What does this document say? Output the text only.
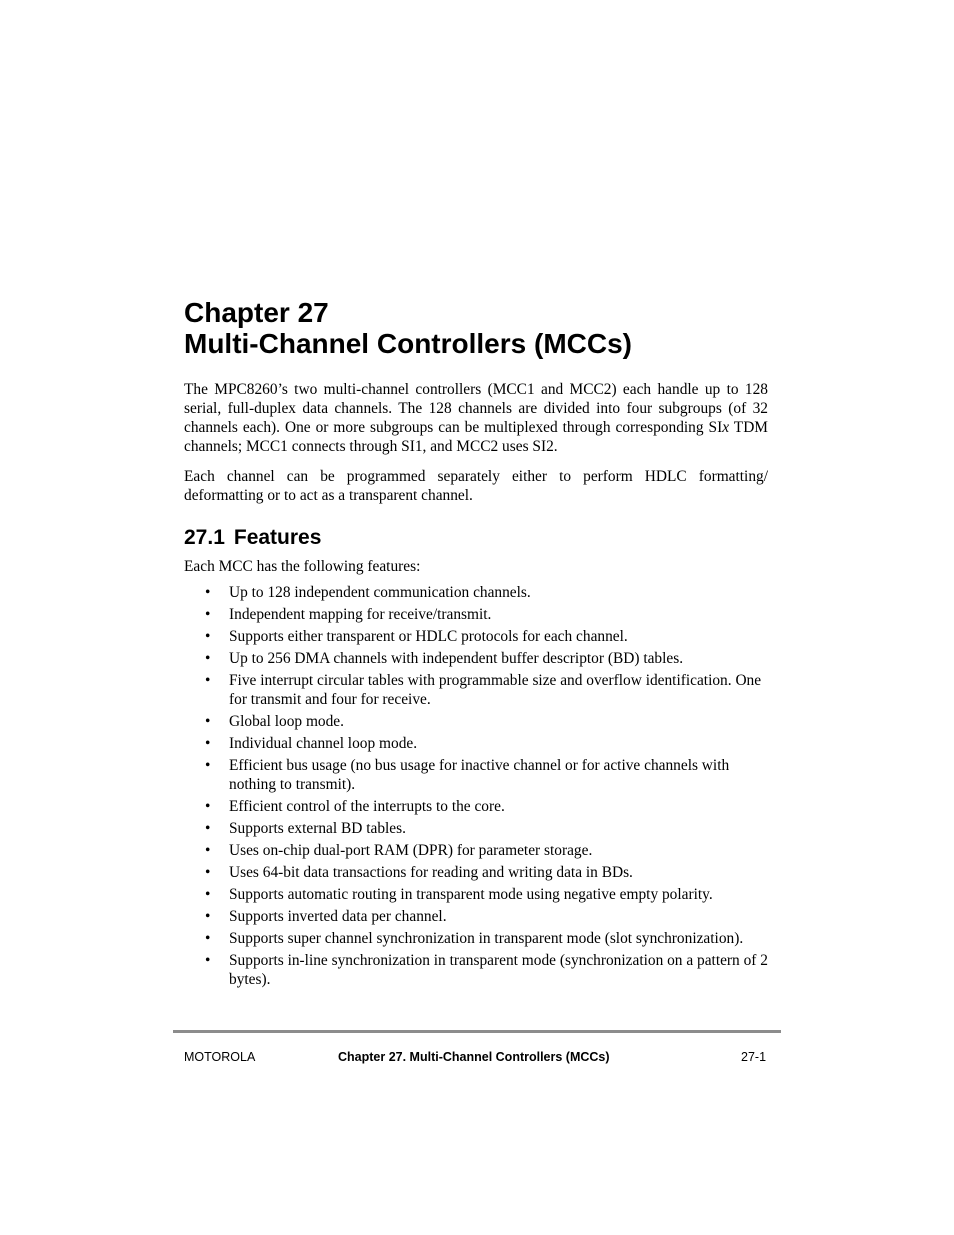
Chapter 27
Multi-Channel Controllers (MCCs)

The MPC8260’s two multi-channel controllers (MCC1 and MCC2) each handle up to 128 serial, full-duplex data channels. The 128 channels are divided into four subgroups (of 32 channels each). One or more subgroups can be multiplexed through corresponding SIx TDM channels; MCC1 connects through SI1, and MCC2 uses SI2.

Each channel can be programmed separately either to perform HDLC formatting/ deformatting or to act as a transparent channel.

27.1 Features

Each MCC has the following features:

• Up to 128 independent communication channels.
• Independent mapping for receive/transmit.
• Supports either transparent or HDLC protocols for each channel.
• Up to 256 DMA channels with independent buffer descriptor (BD) tables.
• Five interrupt circular tables with programmable size and overflow identification. One for transmit and four for receive.
• Global loop mode.
• Individual channel loop mode.
• Efficient bus usage (no bus usage for inactive channel or for active channels with nothing to transmit).
• Efficient control of the interrupts to the core.
• Supports external BD tables.
• Uses on-chip dual-port RAM (DPR) for parameter storage.
• Uses 64-bit data transactions for reading and writing data in BDs.
• Supports automatic routing in transparent mode using negative empty polarity.
• Supports inverted data per channel.
• Supports super channel synchronization in transparent mode (slot synchronization).
• Supports in-line synchronization in transparent mode (synchronization on a pattern of 2 bytes).
MOTOROLA	Chapter 27. Multi-Channel Controllers (MCCs)	27-1
